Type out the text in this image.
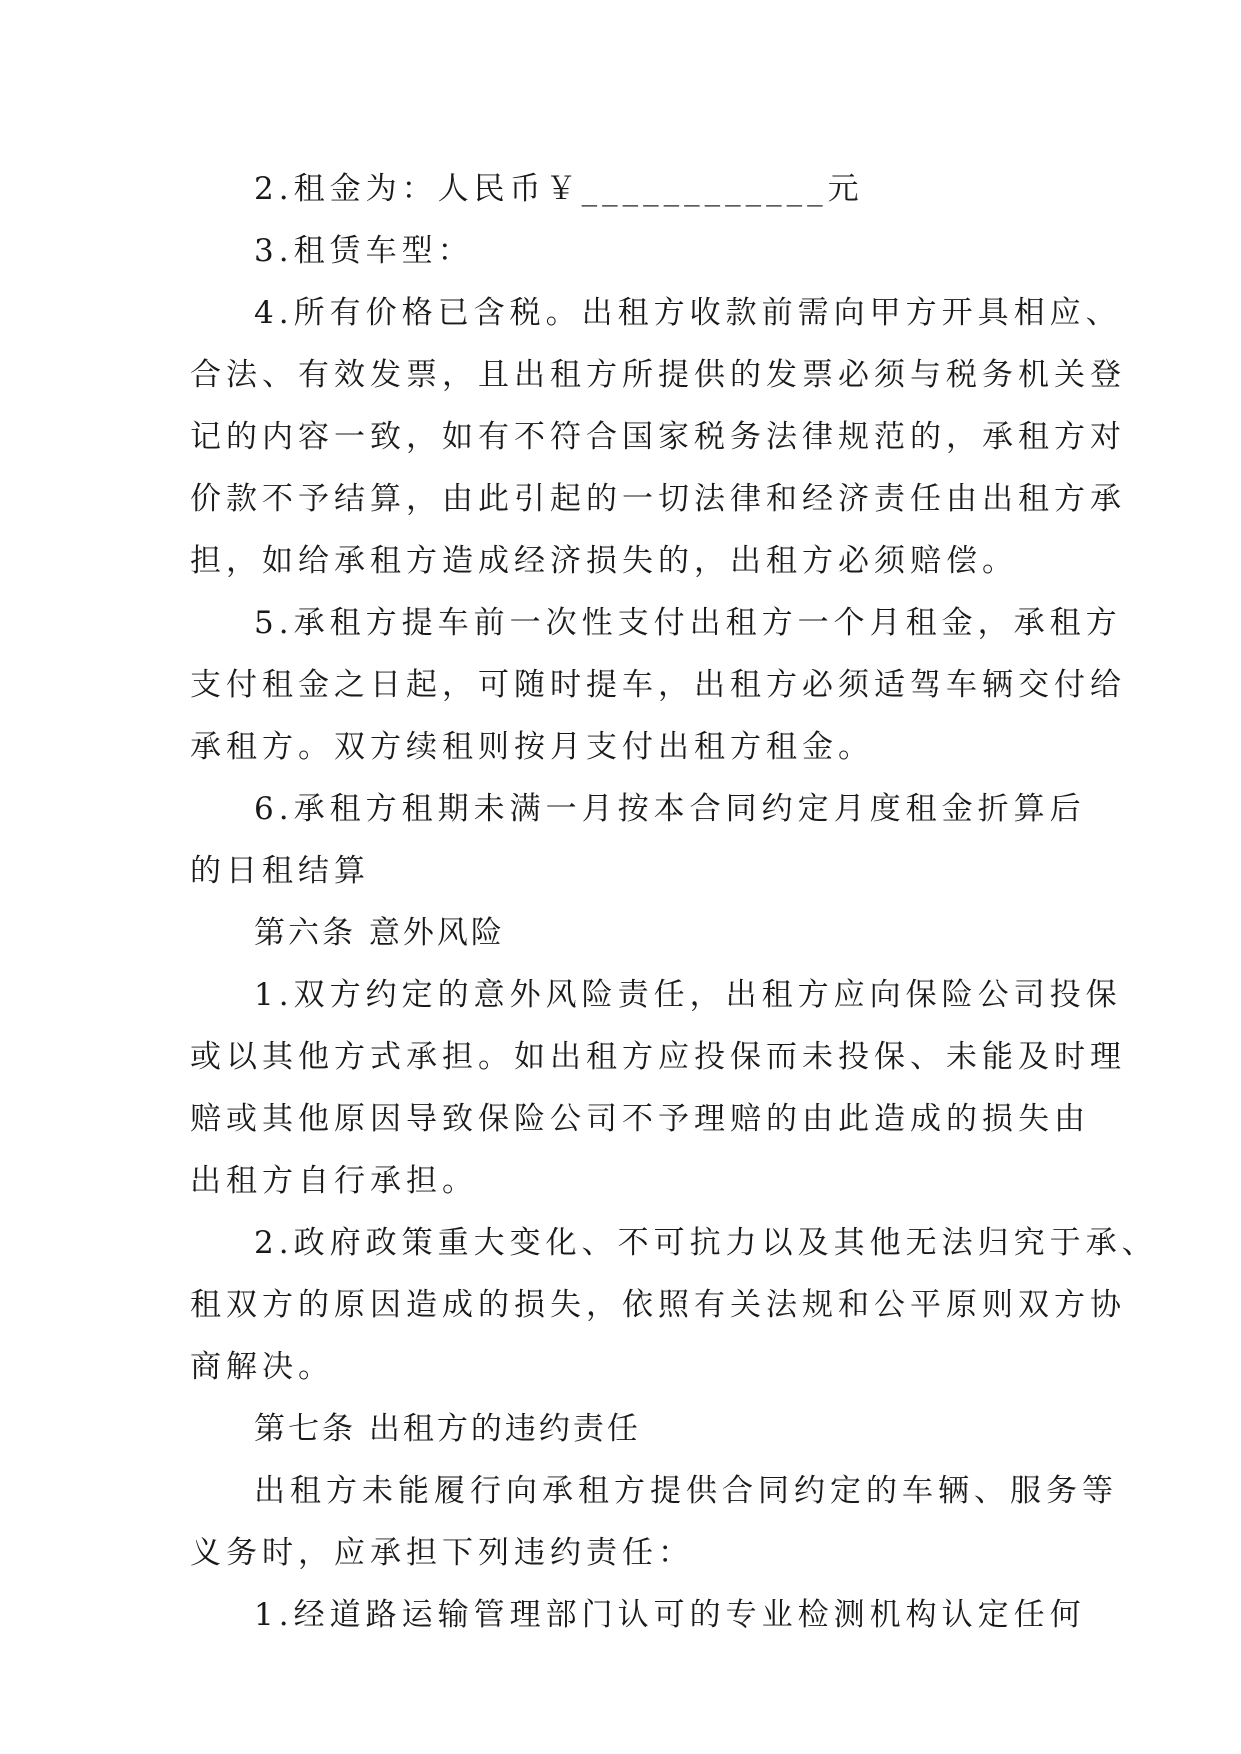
2.租金为：人民币￥____________元
3.租赁车型：
4.所有价格已含税。出租方收款前需向甲方开具相应、
合法、有效发票，且出租方所提供的发票必须与税务机关登
记的内容一致，如有不符合国家税务法律规范的，承租方对
价款不予结算，由此引起的一切法律和经济责任由出租方承
担，如给承租方造成经济损失的，出租方必须赔偿。
5.承租方提车前一次性支付出租方一个月租金，承租方
支付租金之日起，可随时提车，出租方必须适驾车辆交付给
承租方。双方续租则按月支付出租方租金。
6.承租方租期未满一月按本合同约定月度租金折算后
的日租结算
第六条 意外风险
1.双方约定的意外风险责任，出租方应向保险公司投保
或以其他方式承担。如出租方应投保而未投保、未能及时理
赔或其他原因导致保险公司不予理赔的由此造成的损失由
出租方自行承担。
2.政府政策重大变化、不可抗力以及其他无法归究于承、
租双方的原因造成的损失，依照有关法规和公平原则双方协
商解决。
第七条 出租方的违约责任
出租方未能履行向承租方提供合同约定的车辆、服务等
义务时，应承担下列违约责任：
1.经道路运输管理部门认可的专业检测机构认定任何
